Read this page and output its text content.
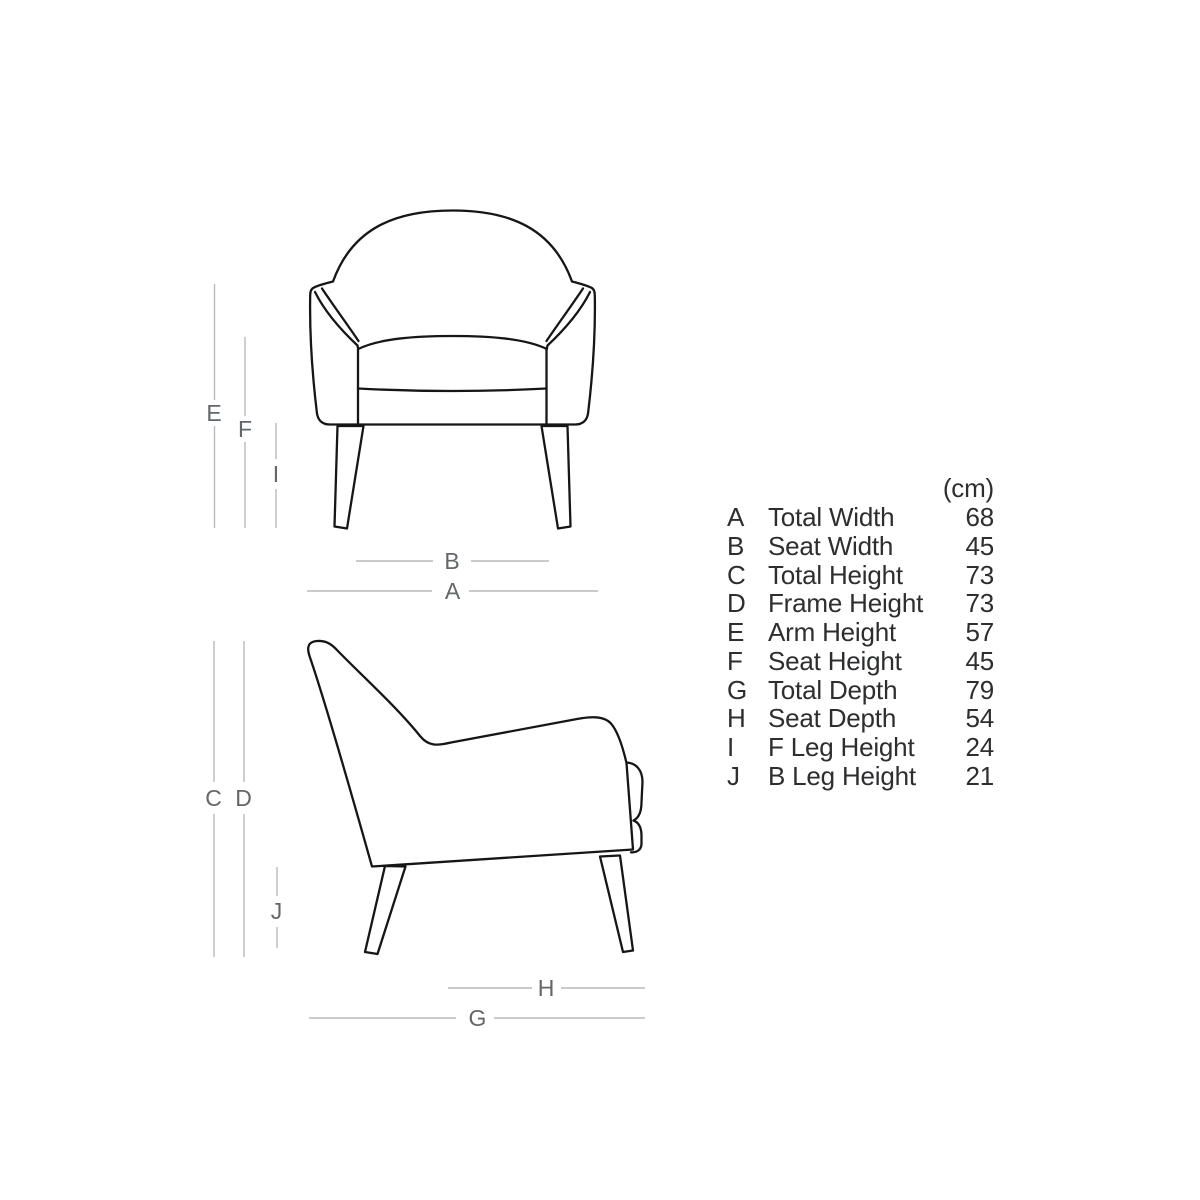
E
F
I
B
A
C D
J
H
G
(cm)
A Total Width	68
B Seat Width	45
C Total Height	73
D Frame Height	73
E Arm Height	57
F Seat Height	45
G Total Depth	79
H Seat Depth	54
I	F Leg Height	24
J	B Leg Height	21
